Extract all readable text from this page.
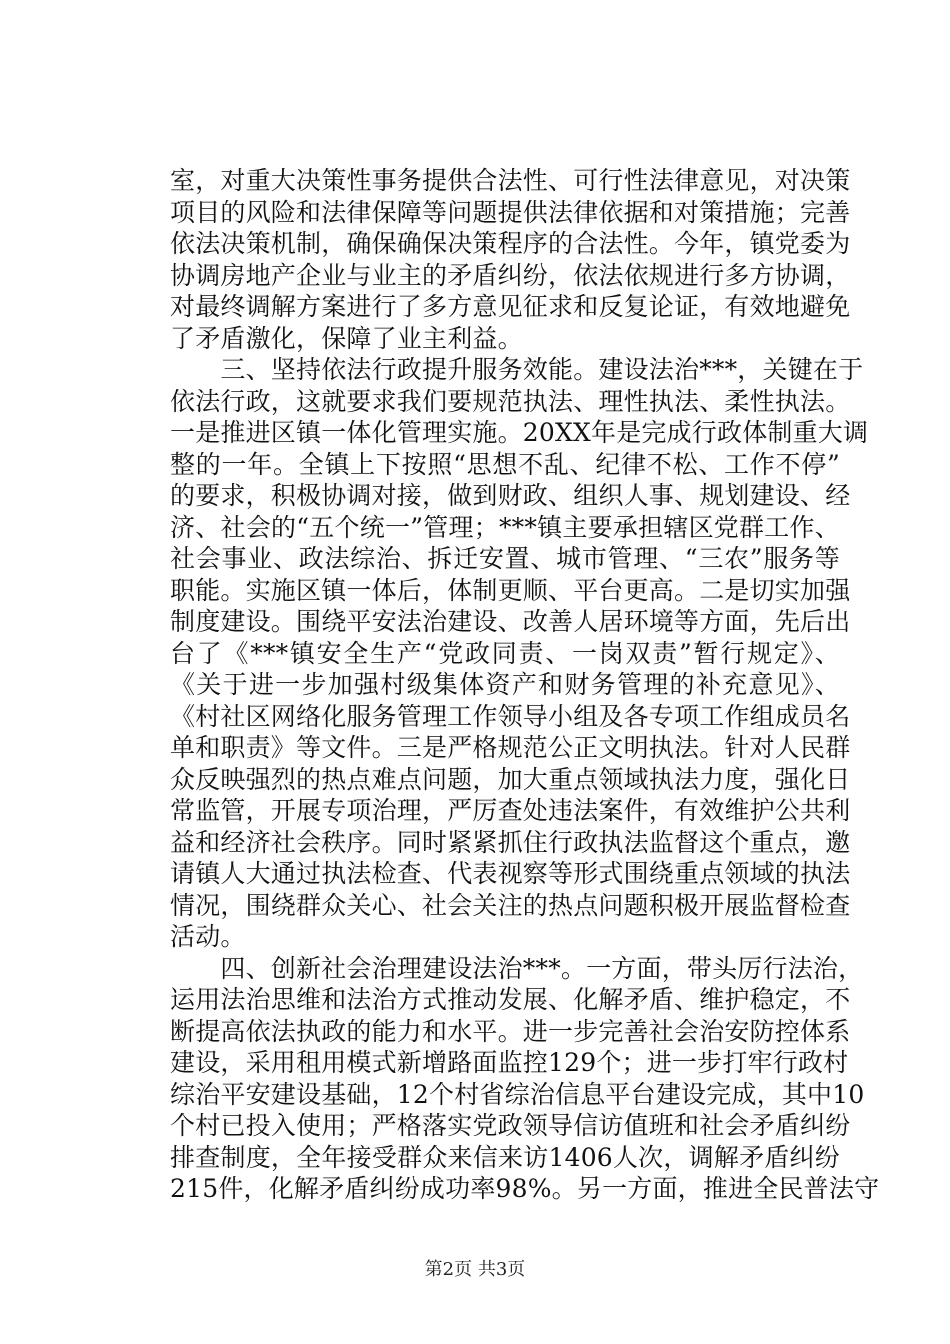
室，对重大决策性事务提供合法性、可行性法律意见，对决策
项目的风险和法律保障等问题提供法律依据和对策措施；完善
依法决策机制，确保确保决策程序的合法性。今年，镇党委为
协调房地产企业与业主的矛盾纠纷，依法依规进行多方协调，
对最终调解方案进行了多方意见征求和反复论证，有效地避免
了矛盾激化，保障了业主利益。
　　三、坚持依法行政提升服务效能。建设法治***，关键在于
依法行政，这就要求我们要规范执法、理性执法、柔性执法。
一是推进区镇一体化管理实施。20XX年是完成行政体制重大调
整的一年。全镇上下按照“思想不乱、纪律不松、工作不停”
的要求，积极协调对接，做到财政、组织人事、规划建设、经
济、社会的“五个统一”管理；***镇主要承担辖区党群工作、
社会事业、政法综治、拆迁安置、城市管理、“三农”服务等
职能。实施区镇一体后，体制更顺、平台更高。二是切实加强
制度建设。围绕平安法治建设、改善人居环境等方面，先后出
台了《***镇安全生产“党政同责、一岗双责”暂行规定》、
《关于进一步加强村级集体资产和财务管理的补充意见》、
《村社区网络化服务管理工作领导小组及各专项工作组成员名
单和职责》等文件。三是严格规范公正文明执法。针对人民群
众反映强烈的热点难点问题，加大重点领域执法力度，强化日
常监管，开展专项治理，严厉查处违法案件，有效维护公共利
益和经济社会秩序。同时紧紧抓住行政执法监督这个重点，邀
请镇人大通过执法检查、代表视察等形式围绕重点领域的执法
情况，围绕群众关心、社会关注的热点问题积极开展监督检查
活动。
　　四、创新社会治理建设法治***。一方面，带头厉行法治，
运用法治思维和法治方式推动发展、化解矛盾、维护稳定，不
断提高依法执政的能力和水平。进一步完善社会治安防控体系
建设，采用租用模式新增路面监控129个；进一步打牢行政村
综治平安建设基础，12个村省综治信息平台建设完成，其中10
个村已投入使用；严格落实党政领导信访值班和社会矛盾纠纷
排查制度，全年接受群众来信来访1406人次，调解矛盾纠纷
215件，化解矛盾纠纷成功率98%。另一方面，推进全民普法守
第2页 共3页
